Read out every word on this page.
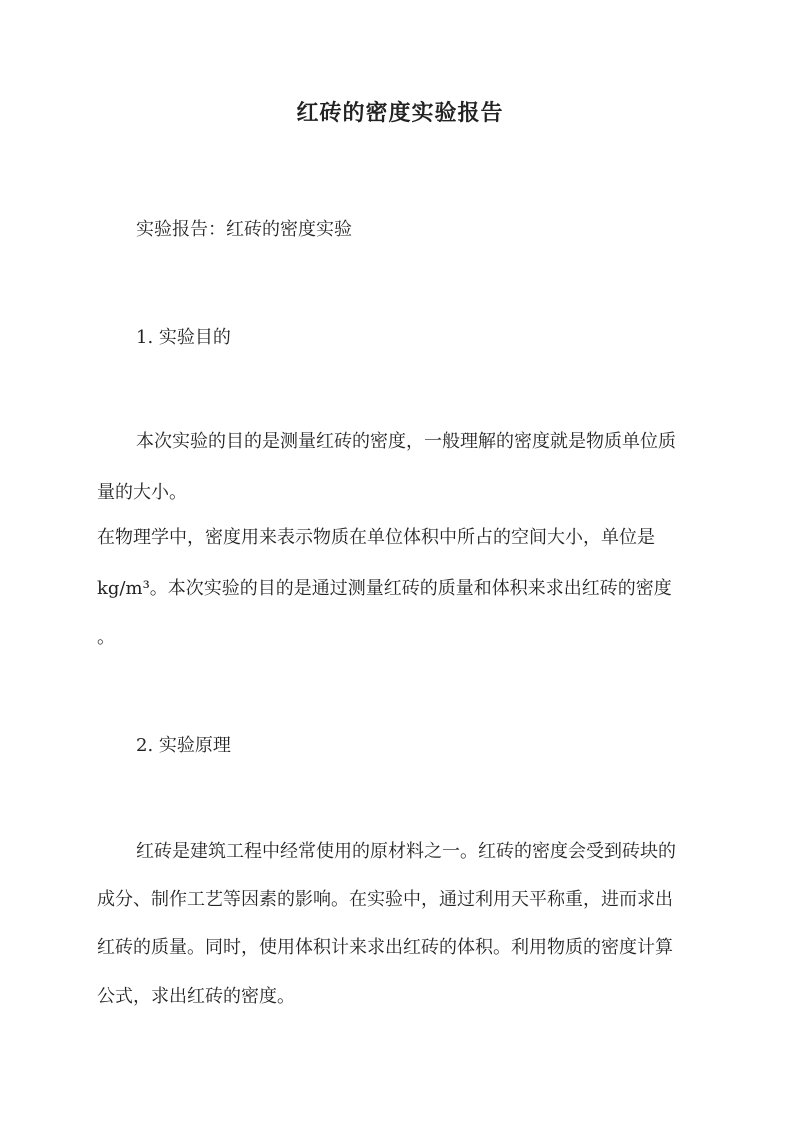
红砖的密度实验报告
实验报告：红砖的密度实验
1. 实验目的
本次实验的目的是测量红砖的密度，一般理解的密度就是物质单位质
量的大小。
在物理学中，密度用来表示物质在单位体积中所占的空间大小，单位是
kg/m³。本次实验的目的是通过测量红砖的质量和体积来求出红砖的密度
。
2. 实验原理
红砖是建筑工程中经常使用的原材料之一。红砖的密度会受到砖块的
成分、制作工艺等因素的影响。在实验中，通过利用天平称重，进而求出
红砖的质量。同时，使用体积计来求出红砖的体积。利用物质的密度计算
公式，求出红砖的密度。
